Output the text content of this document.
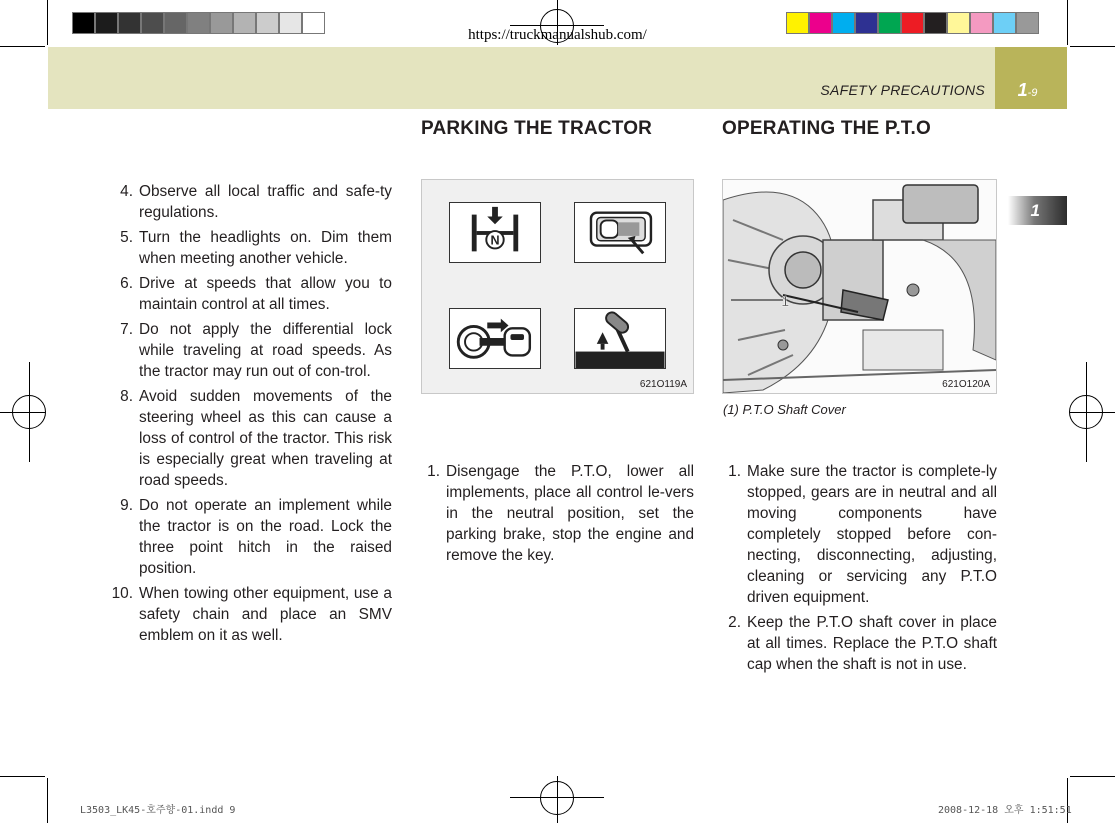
https://truckmanualshub.com/
SAFETY PRECAUTIONS	1-9
1
4. Observe all local traffic and safe-ty regulations.
5. Turn the headlights on. Dim them when meeting another vehicle.
6. Drive at speeds that allow you to maintain control at all times.
7. Do not apply the differential lock while traveling at road speeds. As the tractor may run out of con-trol.
8. Avoid sudden movements of the steering wheel as this can cause a loss of control of the tractor. This risk is especially great when traveling at road speeds.
9. Do not operate an implement while the tractor is on the road. Lock the three point hitch in the raised position.
10. When towing other equipment, use a safety chain and place an SMV emblem on it as well.
PARKING THE TRACTOR
N
621O119A
1. Disengage the P.T.O, lower all implements, place all control le-vers in the neutral position, set the parking brake, stop the engine and remove the key.
OPERATING THE P.T.O
1
621O120A
(1) P.T.O Shaft Cover
1. Make sure the tractor is complete-ly stopped, gears are in neutral and all moving components have completely stopped before con-necting, disconnecting, adjusting, cleaning or servicing any P.T.O driven equipment.
2. Keep the P.T.O shaft cover in place at all times. Replace the P.T.O shaft cap when the shaft is not in use.
L3503_LK45-호주향-01.indd 9	2008-12-18 오후 1:51:51
